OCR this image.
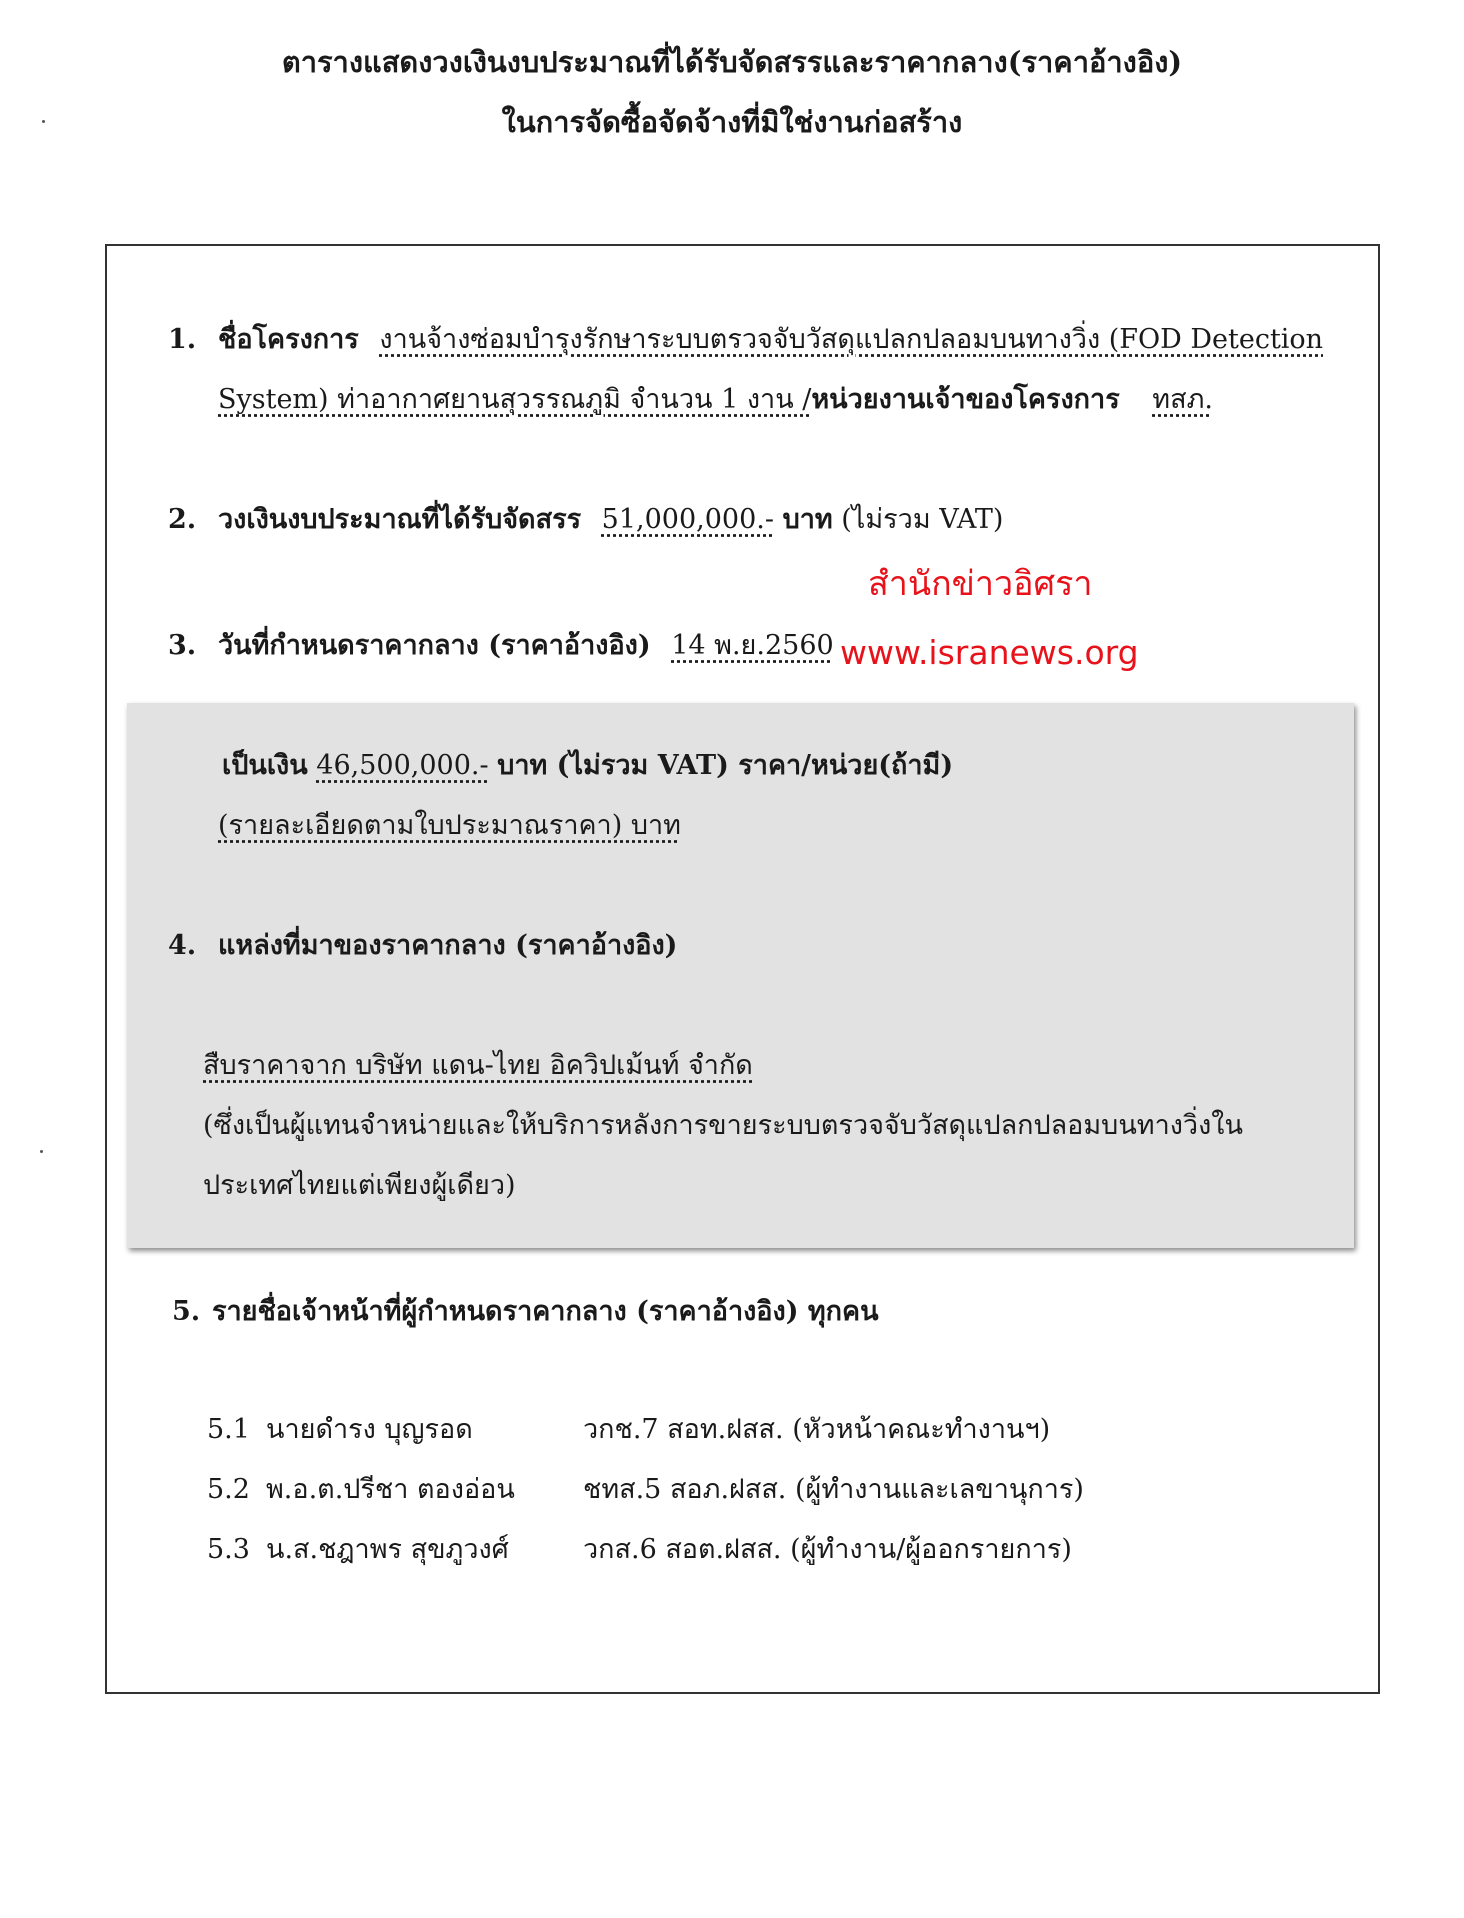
ตารางแสดงวงเงินงบประมาณที่ได้รับจัดสรรและราคากลาง(ราคาอ้างอิง)
ในการจัดซื้อจัดจ้างที่มิใช่งานก่อสร้าง
1. ชื่อโครงการ งานจ้างซ่อมบำรุงรักษาระบบตรวจจับวัสดุแปลกปลอมบนทางวิ่ง (FOD Detection
System) ท่าอากาศยานสุวรรณภูมิ จำนวน 1 งาน /หน่วยงานเจ้าของโครงการ ทสภ.
2. วงเงินงบประมาณที่ได้รับจัดสรร 51,000,000.- บาท (ไม่รวม VAT)
สำนักข่าวอิศรา
www.isranews.org
3. วันที่กำหนดราคากลาง (ราคาอ้างอิง) 14 พ.ย.2560
เป็นเงิน 46,500,000.- บาท (ไม่รวม VAT) ราคา/หน่วย(ถ้ามี)
(รายละเอียดตามใบประมาณราคา) บาท
4. แหล่งที่มาของราคากลาง (ราคาอ้างอิง)
สืบราคาจาก บริษัท แดน-ไทย อิควิปเม้นท์ จำกัด
(ซึ่งเป็นผู้แทนจำหน่ายและให้บริการหลังการขายระบบตรวจจับวัสดุแปลกปลอมบนทางวิ่งใน
ประเทศไทยแต่เพียงผู้เดียว)
5. รายชื่อเจ้าหน้าที่ผู้กำหนดราคากลาง (ราคาอ้างอิง) ทุกคน
5.1 นายดำรง บุญรอด	วกช.7 สอท.ฝสส. (หัวหน้าคณะทำงานฯ)
5.2 พ.อ.ต.ปรีชา ตองอ่อน	ชทส.5 สอภ.ฝสส. (ผู้ทำงานและเลขานุการ)
5.3 น.ส.ชฎาพร สุขภูวงศ์	วกส.6 สอต.ฝสส. (ผู้ทำงาน/ผู้ออกรายการ)
